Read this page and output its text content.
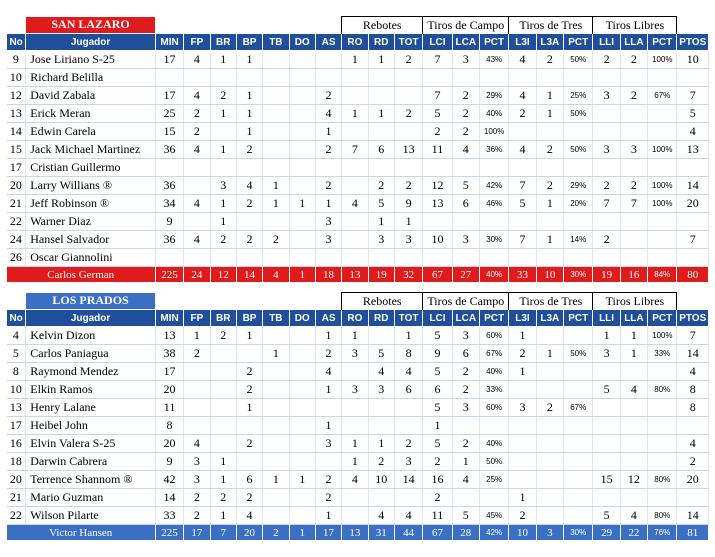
	SAN LAZARO								Rebotes			Tiros de Campo			Tiros de Tres			Tiros Libres			
No	Jugador	MIN	FP	BR	BP	TB	DO	AS	RO	RD	TOT	LCI	LCA	PCT	L3I	L3A	PCT	LLI	LLA	PCT	PTOS
9	Jose Liriano S-25	17	4	1	1				1	1	2	7	3	43%	4	2	50%	2	2	100%	10
10	Richard Belilla																				
12	David Zabala	17	4	2	1			2				7	2	29%	4	1	25%	3	2	67%	7
13	Erick Meran	25	2	1	1			4	1	1	2	5	2	40%	2	1	50%				5
14	Edwin Carela	15	2		1			1				2	2	100%							4
15	Jack Michael Martinez	36	4	1	2			2	7	6	13	11	4	36%	4	2	50%	3	3	100%	13
17	Cristian Guillermo																				
20	Larry Willians ®	36		3	4	1		2		2	2	12	5	42%	7	2	29%	2	2	100%	14
21	Jeff Robinson ®	34	4	1	2	1	1	1	4	5	9	13	6	46%	5	1	20%	7	7	100%	20
22	Warner Diaz	9		1				3		1	1										
24	Hansel Salvador	36	4	2	2	2		3		3	3	10	3	30%	7	1	14%	2			7
26	Oscar Giannolini																				
Carlos German		225	24	12	14	4	1	18	13	19	32	67	27	40%	33	10	30%	19	16	84%	80
	LOS PRADOS								Rebotes			Tiros de Campo			Tiros de Tres			Tiros Libres			
No	Jugador	MIN	FP	BR	BP	TB	DO	AS	RO	RD	TOT	LCI	LCA	PCT	L3I	L3A	PCT	LLI	LLA	PCT	PTOS
4	Kelvin Dizon	13	1	2	1			1	1		1	5	3	60%	1			1	1	100%	7
5	Carlos Paniagua	38	2			1		2	3	5	8	9	6	67%	2	1	50%	3	1	33%	14
8	Raymond Mendez	17			2			4		4	4	5	2	40%	1						4
10	Elkin Ramos	20			2			1	3	3	6	6	2	33%				5	4	80%	8
13	Henry Lalane	11			1							5	3	60%	3	2	67%				8
17	Heibel John	8						1				1									
16	Elvin Valera S-25	20	4		2			3	1	1	2	5	2	40%							4
18	Darwin Cabrera	9	3	1					1	2	3	2	1	50%							2
20	Terrence Shannom ®	42	3	1	6	1	1	2	4	10	14	16	4	25%				15	12	80%	20
21	Mario Guzman	14	2	2	2			2				2			1						
22	Wilson Pilarte	33	2	1	4			1		4	4	11	5	45%	2			5	4	80%	14
Victor Hansen		225	17	7	20	2	1	17	13	31	44	67	28	42%	10	3	30%	29	22	76%	81
